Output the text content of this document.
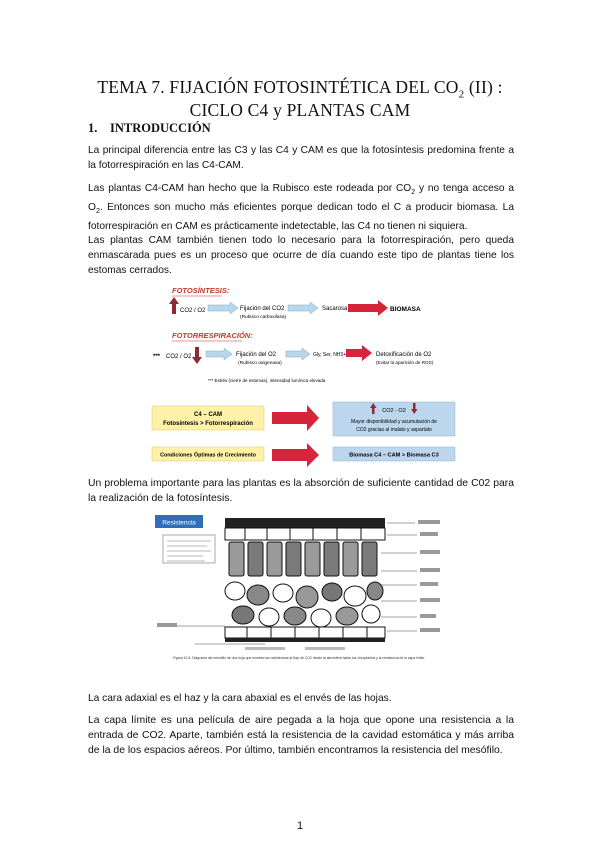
TEMA 7. FIJACIÓN FOTOSINTÉTICA DEL $CO_2$ (II) :
CICLO C4 y PLANTAS CAM
1. INTRODUCCIÓN

La principal diferencia entre las C3 y las C4 y CAM es que la fotosíntesis predomina frente a la fotorrespiración en las C4-CAM.

Las plantas C4-CAM han hecho que la Rubisco este rodeada por $CO_2$ y no tenga acceso a $O_2$. Entonces son mucho más eficientes porque dedican todo el C a producir biomasa. La fotorrespiración en CAM es prácticamente indetectable, las C4 no tienen ni siquiera.

Las plantas CAM también tienen todo lo necesario para la fotorrespiración, pero queda enmascarada pues es un proceso que ocurre de día cuando este tipo de plantas tiene los estomas cerrados.

FOTOSÍNTESIS:
CO2 / O2	Fijación del CO2
(Rubisco carboxilasa)
Sacarosa	BIOMASA
FOTORRESPIRACIÓN:
*** CO2 / O2	Fijación del O2
(Rubisco oxigenasa)
Gly, Ser, NH3+	Detoxificación de O2
(Evitar la aparición de ROS)
*** Estrés (cierre de estomas), intensidad lumínica elevada
C4 – CAM
Fotosíntesis > Fotorrespiración
CO2 - O2
Mayor disponibilidad y acumulación de
CO2 gracias al malato y aspartato
Condiciones Óptimas de Crecimiento	Biomasa C4 – CAM > Biomasa C3

Un problema importante para las plantas es la absorción de suficiente cantidad de C02 para la realización de la fotosíntesis.

Resistencia
Figura 10-5. Diagrama del mesófilo de una hoja que muestra las resistencias al flujo de CO2 desde la atmósfera hasta los cloroplastos y la resistencia de la capa límite.

La cara adaxial es el haz y la cara abaxial es el envés de las hojas.

La capa límite es una película de aire pegada a la hoja que opone una resistencia a la entrada de CO2. Aparte, también está la resistencia de la cavidad estomática y más arriba de la de los espacios aéreos. Por último, también encontramos la resistencia del mesófilo.

1
